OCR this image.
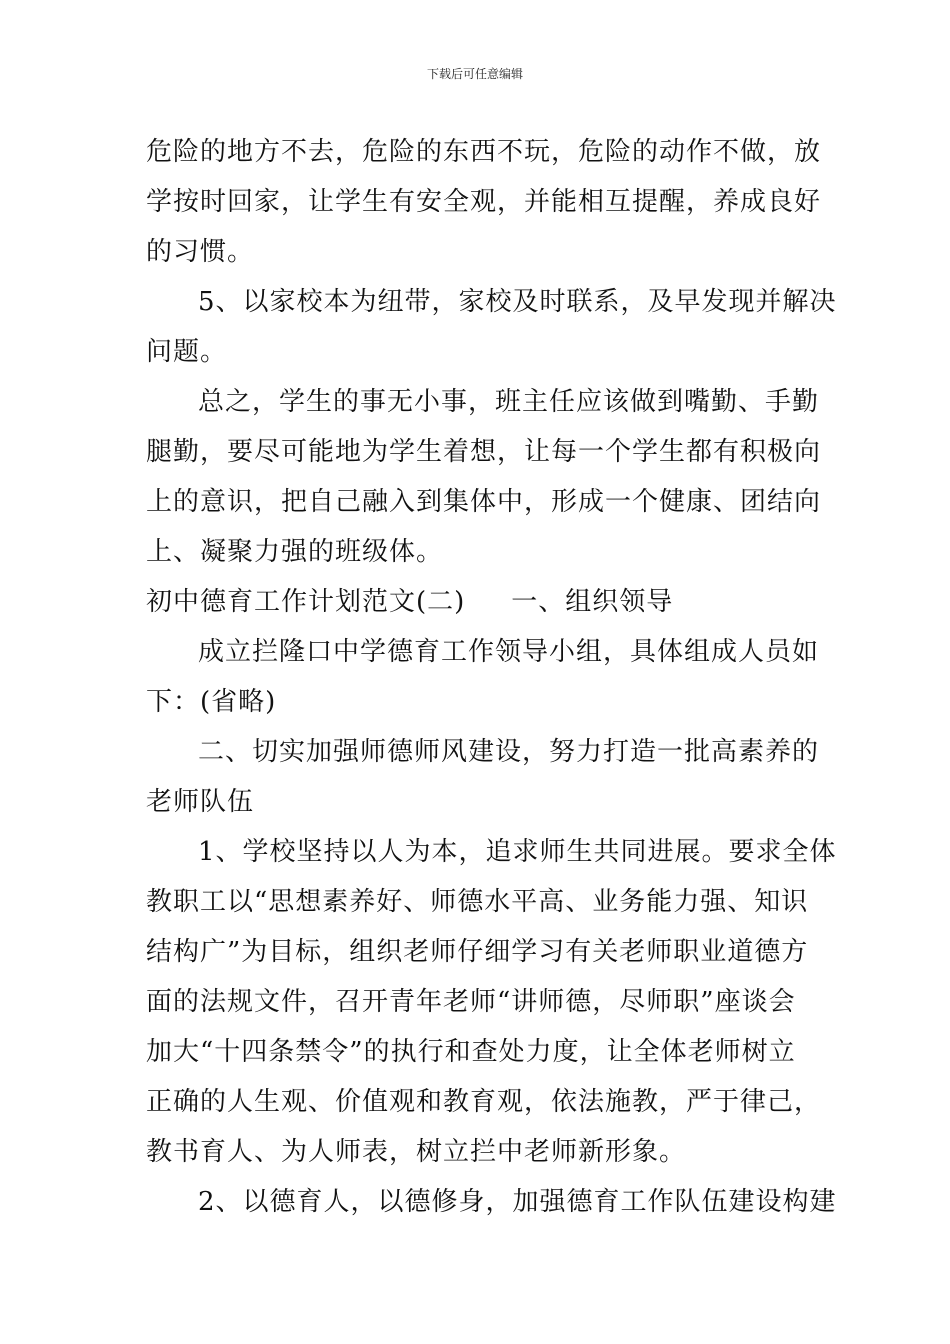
下载后可任意编辑
危险的地方不去，危险的东西不玩，危险的动作不做，放
学按时回家，让学生有安全观，并能相互提醒，养成良好
的习惯。
5、以家校本为纽带，家校及时联系，及早发现并解决
问题。
总之，学生的事无小事，班主任应该做到嘴勤、手勤
腿勤，要尽可能地为学生着想，让每一个学生都有积极向
上的意识，把自己融入到集体中，形成一个健康、团结向
上、凝聚力强的班级体。
初中德育工作计划范文(二) 一、组织领导
成立拦隆口中学德育工作领导小组，具体组成人员如
下：(省略)
二、切实加强师德师风建设，努力打造一批高素养的
老师队伍
1、学校坚持以人为本，追求师生共同进展。要求全体
教职工以“思想素养好、师德水平高、业务能力强、知识
结构广”为目标，组织老师仔细学习有关老师职业道德方
面的法规文件，召开青年老师“讲师德，尽师职”座谈会
加大“十四条禁令”的执行和查处力度，让全体老师树立
正确的人生观、价值观和教育观，依法施教，严于律己，
教书育人、为人师表，树立拦中老师新形象。
2、以德育人，以德修身，加强德育工作队伍建设构建
